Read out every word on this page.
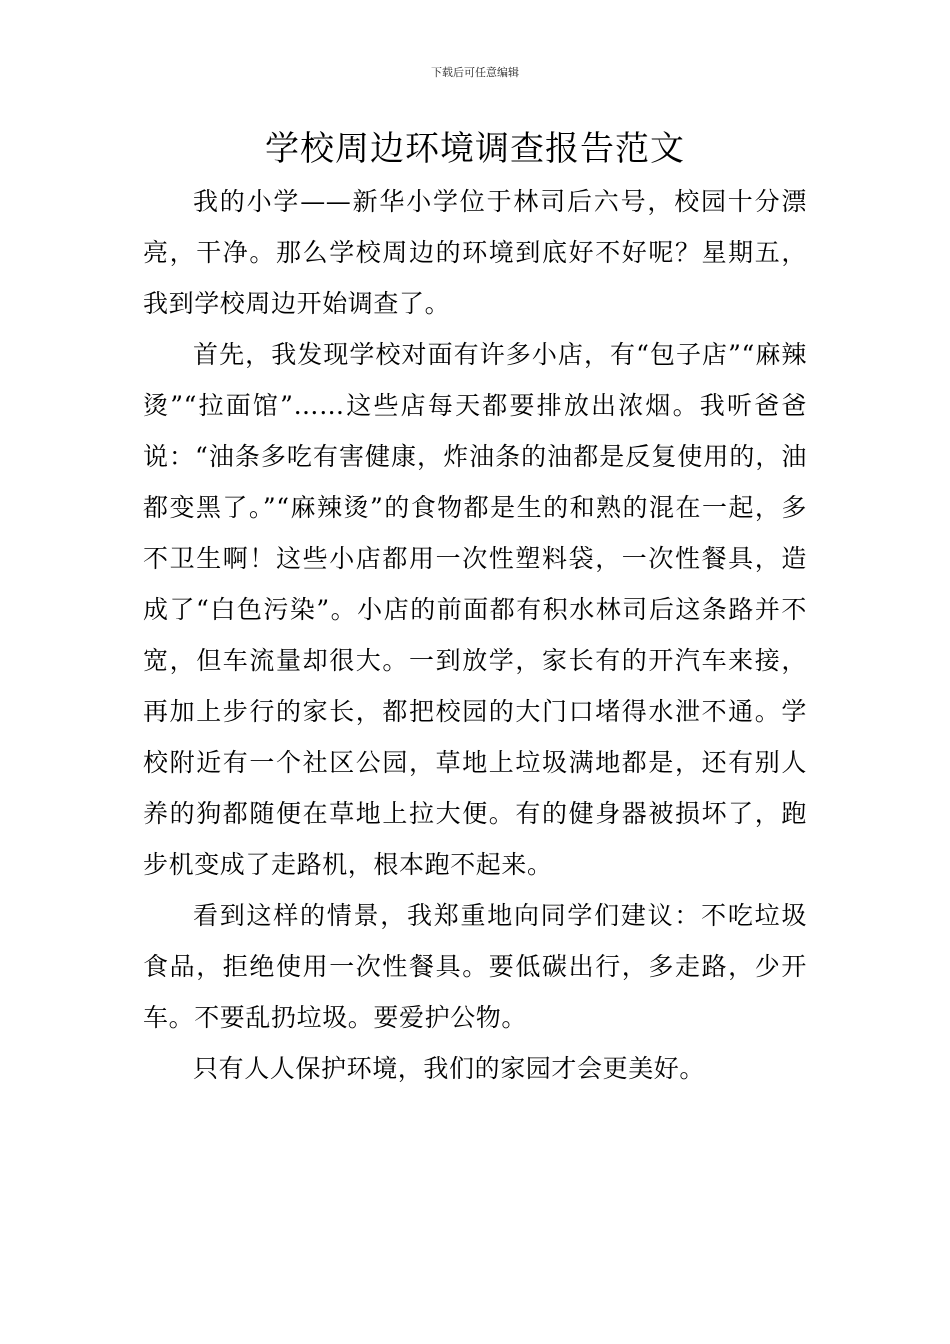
下载后可任意编辑
学校周边环境调查报告范文

我的小学——新华小学位于林司后六号，校园十分漂亮，干净。那么学校周边的环境到底好不好呢？星期五，我到学校周边开始调查了。

首先，我发现学校对面有许多小店，有“包子店”“麻辣烫”“拉面馆”……这些店每天都要排放出浓烟。我听爸爸说：“油条多吃有害健康，炸油条的油都是反复使用的，油都变黑了。”“麻辣烫”的食物都是生的和熟的混在一起，多不卫生啊！这些小店都用一次性塑料袋，一次性餐具，造成了“白色污染”。小店的前面都有积水林司后这条路并不宽，但车流量却很大。一到放学，家长有的开汽车来接，再加上步行的家长，都把校园的大门口堵得水泄不通。学校附近有一个社区公园，草地上垃圾满地都是，还有别人养的狗都随便在草地上拉大便。有的健身器被损坏了，跑步机变成了走路机，根本跑不起来。

看到这样的情景，我郑重地向同学们建议：不吃垃圾食品，拒绝使用一次性餐具。要低碳出行，多走路，少开车。不要乱扔垃圾。要爱护公物。

只有人人保护环境，我们的家园才会更美好。
